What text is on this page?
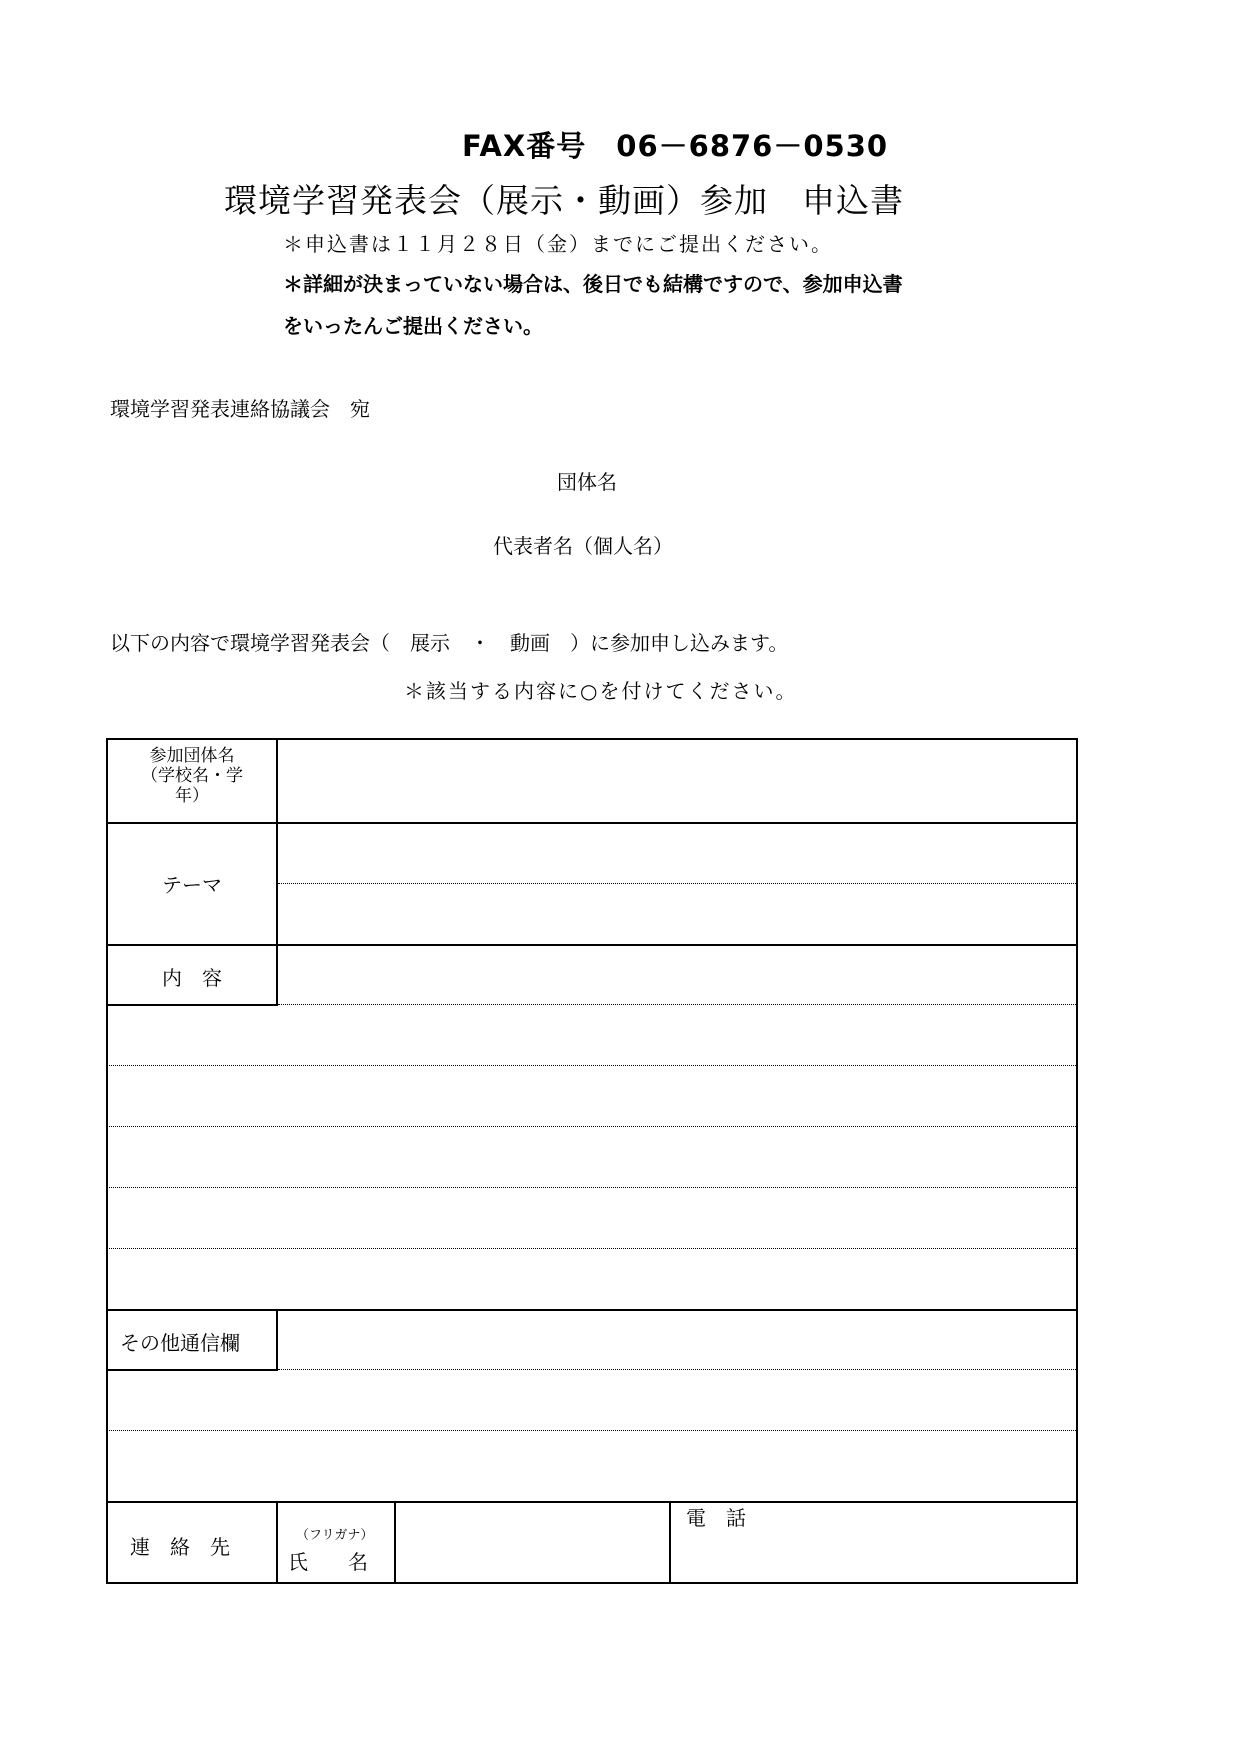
FAX番号　06－6876－0530
環境学習発表会（展示・動画）参加　申込書
＊申込書は１１月２８日（金）までにご提出ください。
＊詳細が決まっていない場合は、後日でも結構ですので、参加申込書
をいったんご提出ください。
環境学習発表連絡協議会　宛
団体名
代表者名（個人名）
以下の内容で環境学習発表会（　展示　・　動画　）に参加申し込みます。
＊該当する内容に○を付けてください。
参加団体名
（学校名・学
年）
テーマ
内　容
その他通信欄
連　絡　先	（フリガナ）
氏　　名
電　話
